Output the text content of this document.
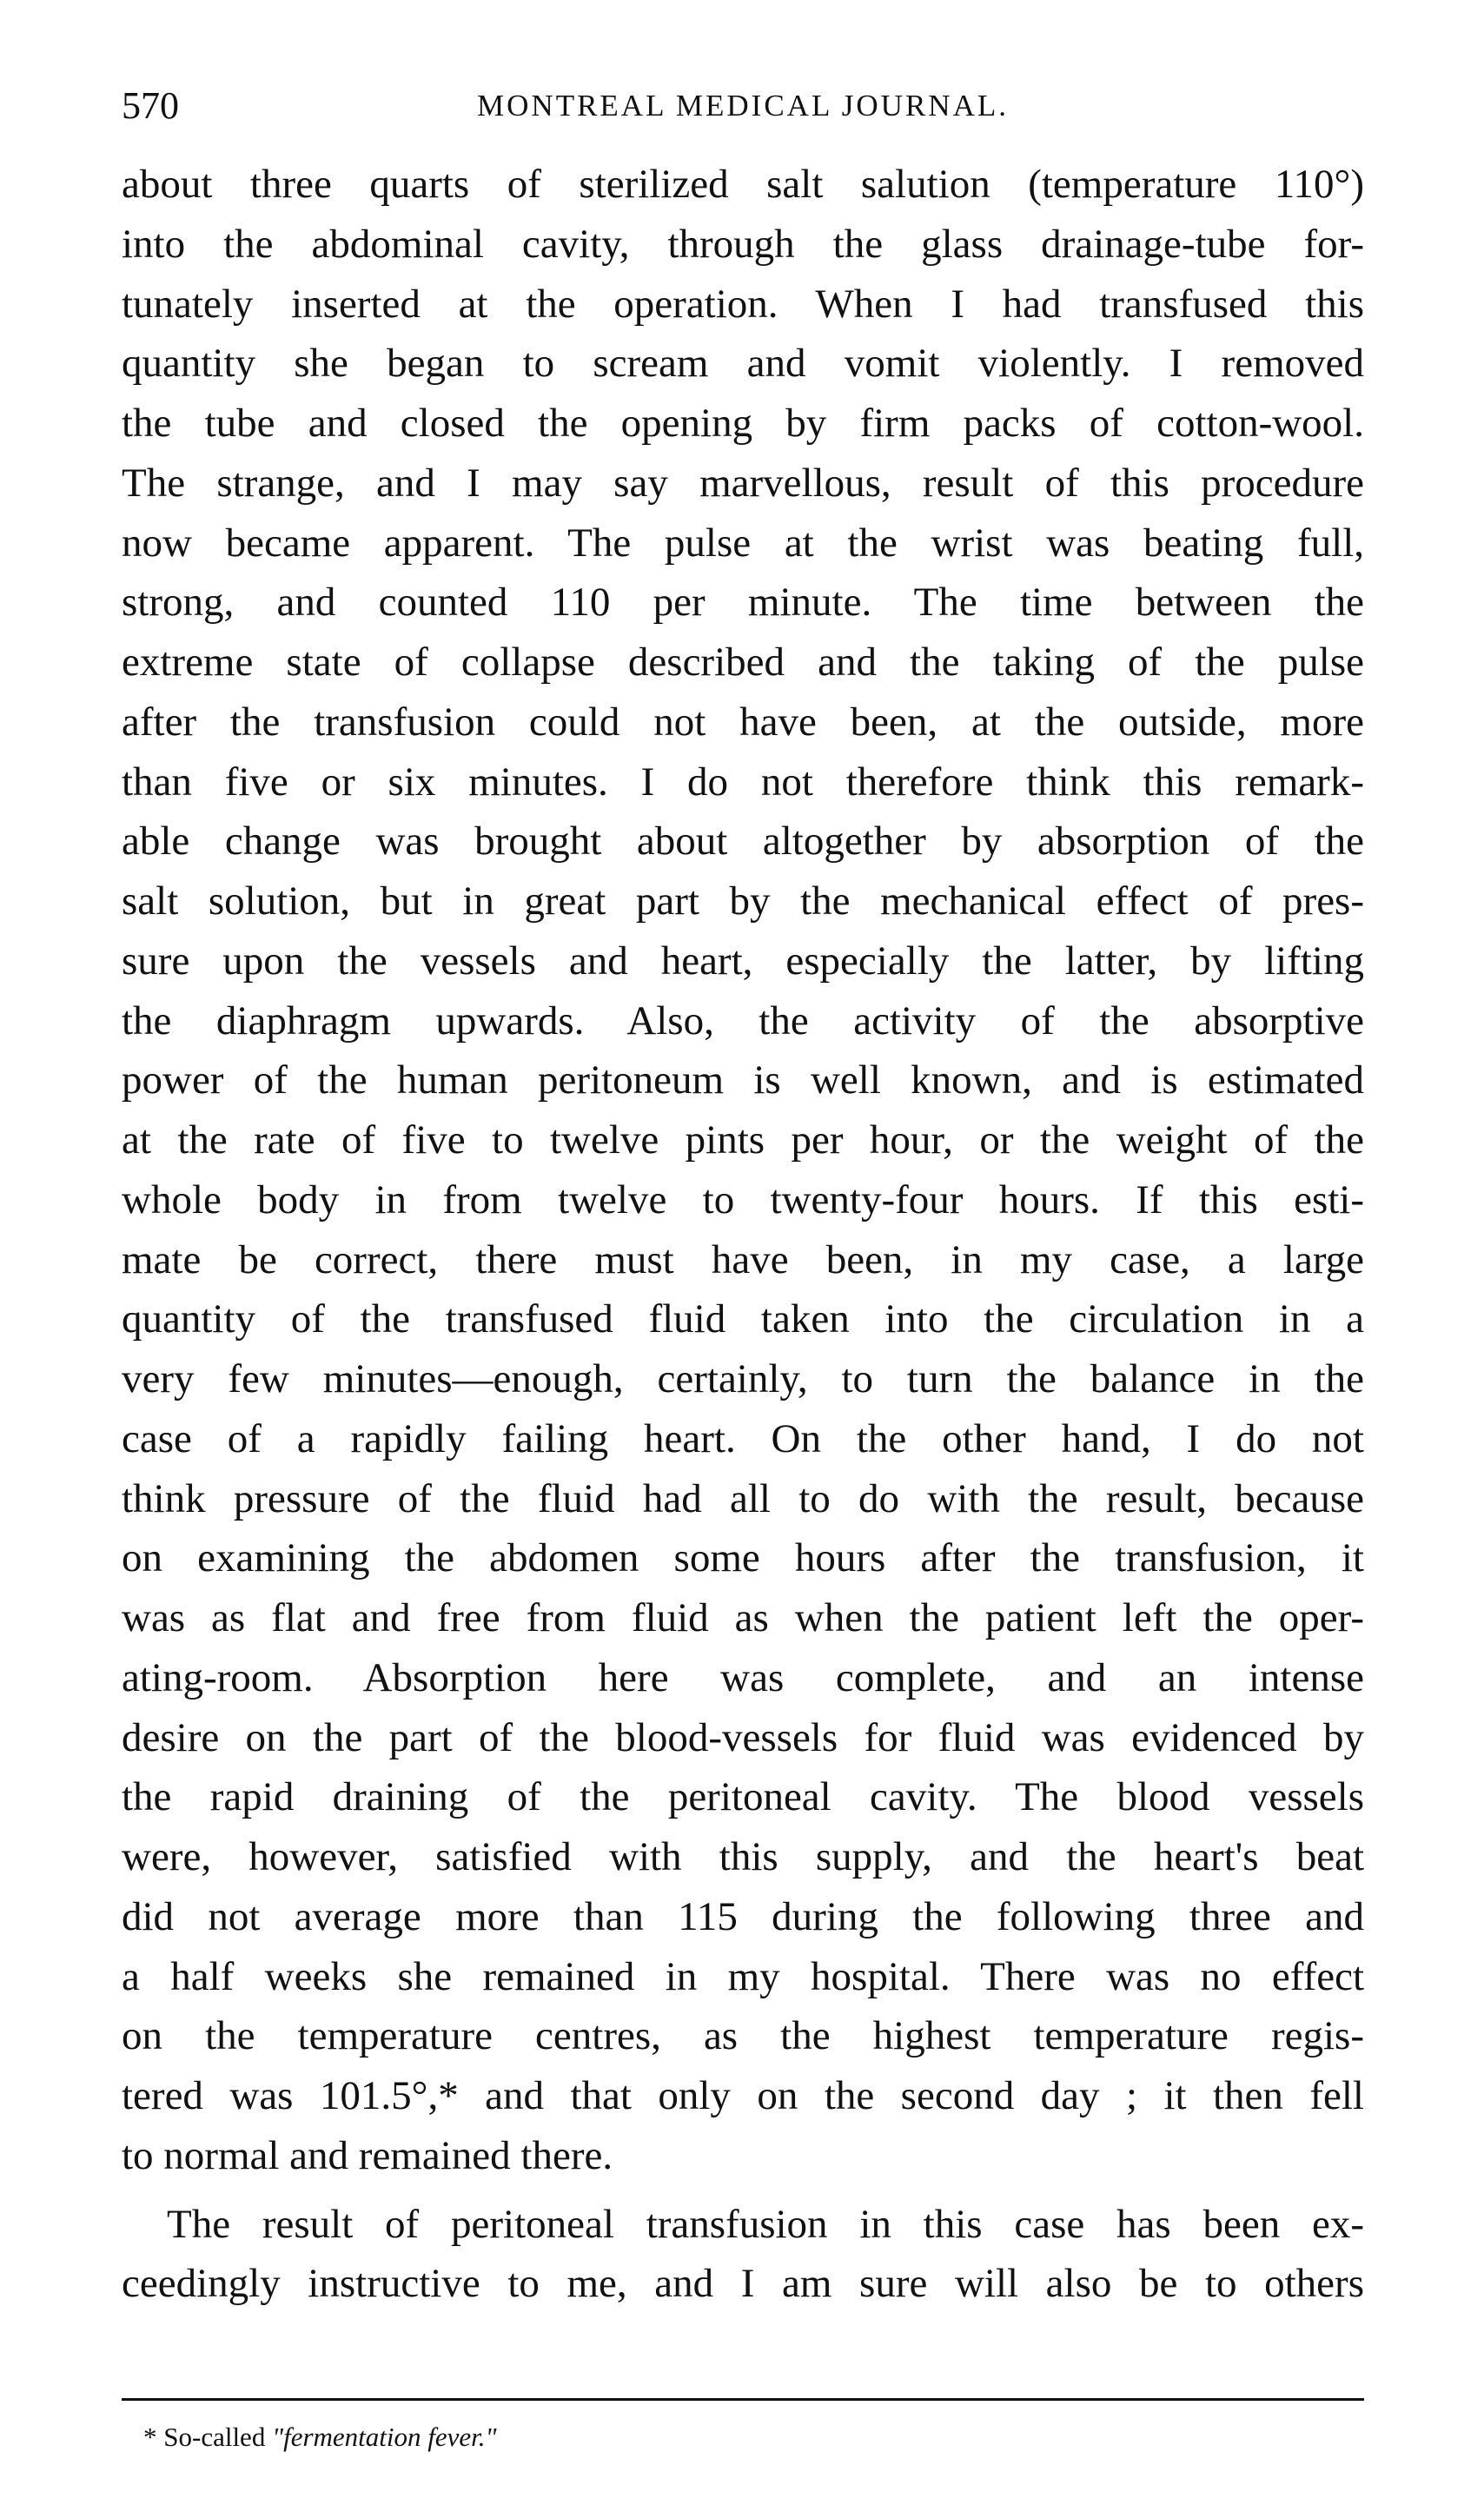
570	MONTREAL MEDICAL JOURNAL.
about three quarts of sterilized salt salution (temperature 110°)
into the abdominal cavity, through the glass drainage-tube for-
tunately inserted at the operation. When I had transfused this
quantity she began to scream and vomit violently. I removed
the tube and closed the opening by firm packs of cotton-wool.
The strange, and I may say marvellous, result of this procedure
now became apparent. The pulse at the wrist was beating full,
strong, and counted 110 per minute. The time between the
extreme state of collapse described and the taking of the pulse
after the transfusion could not have been, at the outside, more
than five or six minutes. I do not therefore think this remark-
able change was brought about altogether by absorption of the
salt solution, but in great part by the mechanical effect of pres-
sure upon the vessels and heart, especially the latter, by lifting
the diaphragm upwards. Also, the activity of the absorptive
power of the human peritoneum is well known, and is estimated
at the rate of five to twelve pints per hour, or the weight of the
whole body in from twelve to twenty-four hours. If this esti-
mate be correct, there must have been, in my case, a large
quantity of the transfused fluid taken into the circulation in a
very few minutes—enough, certainly, to turn the balance in the
case of a rapidly failing heart. On the other hand, I do not
think pressure of the fluid had all to do with the result, because
on examining the abdomen some hours after the transfusion, it
was as flat and free from fluid as when the patient left the oper-
ating-room. Absorption here was complete, and an intense
desire on the part of the blood-vessels for fluid was evidenced by
the rapid draining of the peritoneal cavity. The blood vessels
were, however, satisfied with this supply, and the heart's beat
did not average more than 115 during the following three and
a half weeks she remained in my hospital. There was no effect
on the temperature centres, as the highest temperature regis-
tered was 101.5°,* and that only on the second day ; it then fell
to normal and remained there.
The result of peritoneal transfusion in this case has been ex-
ceedingly instructive to me, and I am sure will also be to others
* So-called "fermentation fever."
